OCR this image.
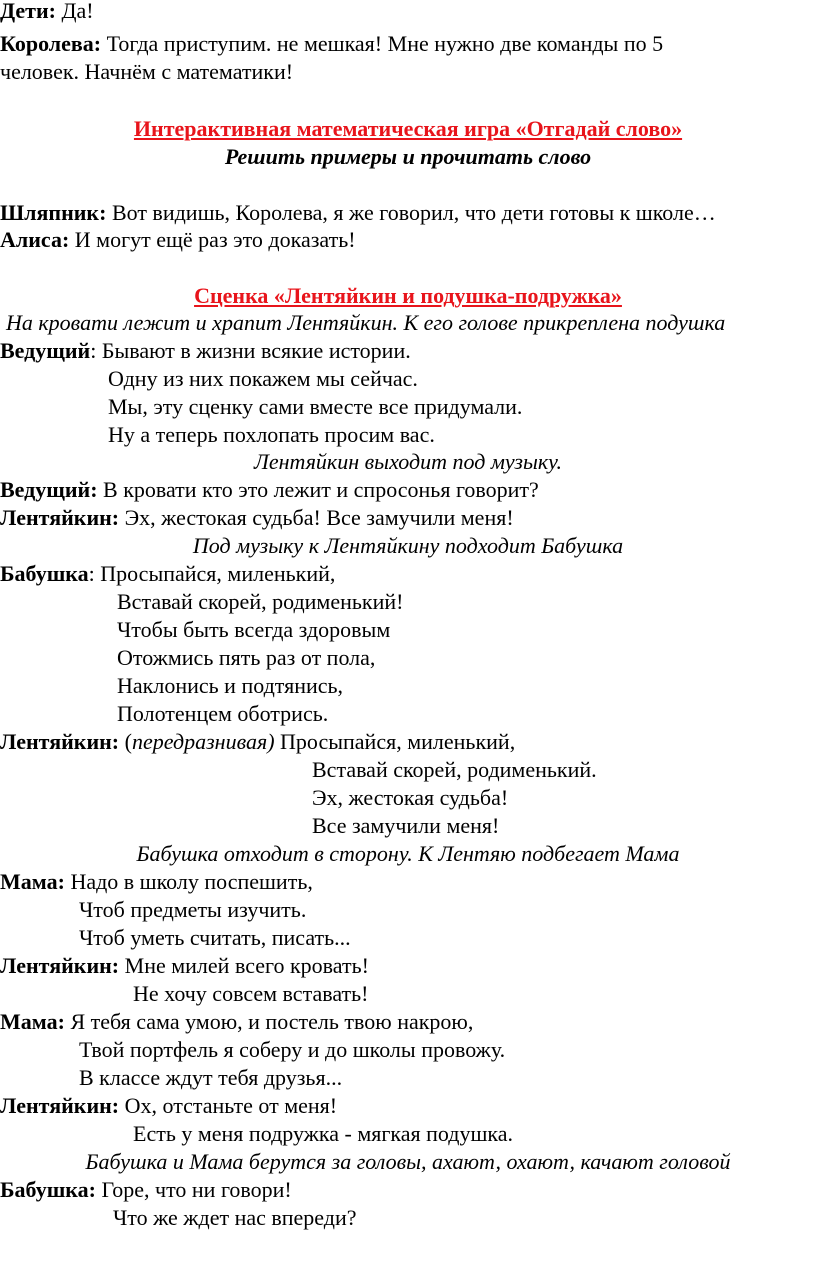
Дети: Да!
Королева: Тогда приступим. не мешкая! Мне нужно две команды по 5
человек. Начнём с математики!
Интерактивная математическая игра «Отгадай слово»
Решить примеры и прочитать слово
Шляпник: Вот видишь, Королева, я же говорил, что дети готовы к школе…
Алиса: И могут ещё раз это доказать!
Сценка «Лентяйкин и подушка-подружка»
На кровати лежит и храпит Лентяйкин. К его голове прикреплена подушка
Ведущий: Бывают в жизни всякие истории.
Одну из них покажем мы сейчас.
Мы, эту сценку сами вместе все придумали.
Ну а теперь похлопать просим вас.
Лентяйкин выходит под музыку.
Ведущий: В кровати кто это лежит и спросонья говорит?
Лентяйкин: Эх, жестокая судьба! Все замучили меня!
Под музыку к Лентяйкину подходит Бабушка
Бабушка: Просыпайся, миленький,
Вставай скорей, родименький!
Чтобы быть всегда здоровым
Отожмись пять раз от пола,
Наклонись и подтянись,
Полотенцем оботрись.
Лентяйкин: (передразнивая) Просыпайся, миленький,
Вставай скорей, родименький.
Эх, жестокая судьба!
Все замучили меня!
Бабушка отходит в сторону. К Лентяю подбегает Мама
Мама: Надо в школу поспешить,
Чтоб предметы изучить.
Чтоб уметь считать, писать...
Лентяйкин: Мне милей всего кровать!
Не хочу совсем вставать!
Мама: Я тебя сама умою, и постель твою накрою,
Твой портфель я соберу и до школы провожу.
В классе ждут тебя друзья...
Лентяйкин: Ох, отстаньте от меня!
Есть у меня подружка - мягкая подушка.
Бабушка и Мама берутся за головы, ахают, охают, качают головой
Бабушка: Горе, что ни говори!
Что же ждет нас впереди?
